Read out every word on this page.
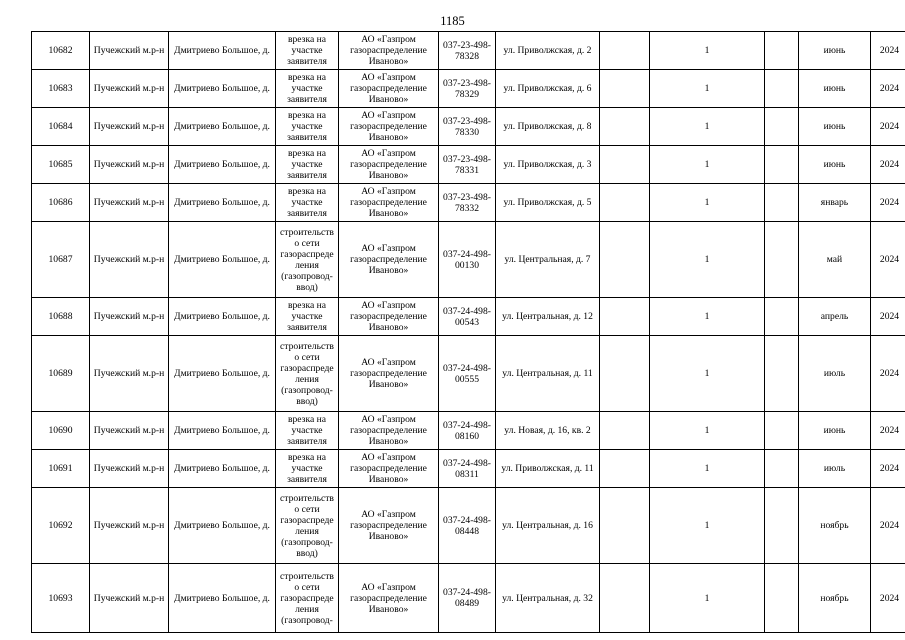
1185
10682	Пучежский м.р-н	Дмитриево Большое, д.	врезка на участке заявителя	АО «Газпром газораспределение Иваново»	037-23-498-78328	ул. Приволжская, д. 2		1		июнь	2024
10683	Пучежский м.р-н	Дмитриево Большое, д.	врезка на участке заявителя	АО «Газпром газораспределение Иваново»	037-23-498-78329	ул. Приволжская, д. 6		1		июнь	2024
10684	Пучежский м.р-н	Дмитриево Большое, д.	врезка на участке заявителя	АО «Газпром газораспределение Иваново»	037-23-498-78330	ул. Приволжская, д. 8		1		июнь	2024
10685	Пучежский м.р-н	Дмитриево Большое, д.	врезка на участке заявителя	АО «Газпром газораспределение Иваново»	037-23-498-78331	ул. Приволжская, д. 3		1		июнь	2024
10686	Пучежский м.р-н	Дмитриево Большое, д.	врезка на участке заявителя	АО «Газпром газораспределение Иваново»	037-23-498-78332	ул. Приволжская, д. 5		1		январь	2024
10687	Пучежский м.р-н	Дмитриево Большое, д.	строительство сети газораспределения (газопровод-ввод)	АО «Газпром газораспределение Иваново»	037-24-498-00130	ул. Центральная, д. 7		1		май	2024
10688	Пучежский м.р-н	Дмитриево Большое, д.	врезка на участке заявителя	АО «Газпром газораспределение Иваново»	037-24-498-00543	ул. Центральная, д. 12		1		апрель	2024
10689	Пучежский м.р-н	Дмитриево Большое, д.	строительство сети газораспределения (газопровод-ввод)	АО «Газпром газораспределение Иваново»	037-24-498-00555	ул. Центральная, д. 11		1		июль	2024
10690	Пучежский м.р-н	Дмитриево Большое, д.	врезка на участке заявителя	АО «Газпром газораспределение Иваново»	037-24-498-08160	ул. Новая, д. 16, кв. 2		1		июнь	2024
10691	Пучежский м.р-н	Дмитриево Большое, д.	врезка на участке заявителя	АО «Газпром газораспределение Иваново»	037-24-498-08311	ул. Приволжская, д. 11		1		июль	2024
10692	Пучежский м.р-н	Дмитриево Большое, д.	строительство сети газораспределения (газопровод-ввод)	АО «Газпром газораспределение Иваново»	037-24-498-08448	ул. Центральная, д. 16		1		ноябрь	2024
10693	Пучежский м.р-н	Дмитриево Большое, д.	строительство сети газораспределения (газопровод-	АО «Газпром газораспределение Иваново»	037-24-498-08489	ул. Центральная, д. 32		1		ноябрь	2024
